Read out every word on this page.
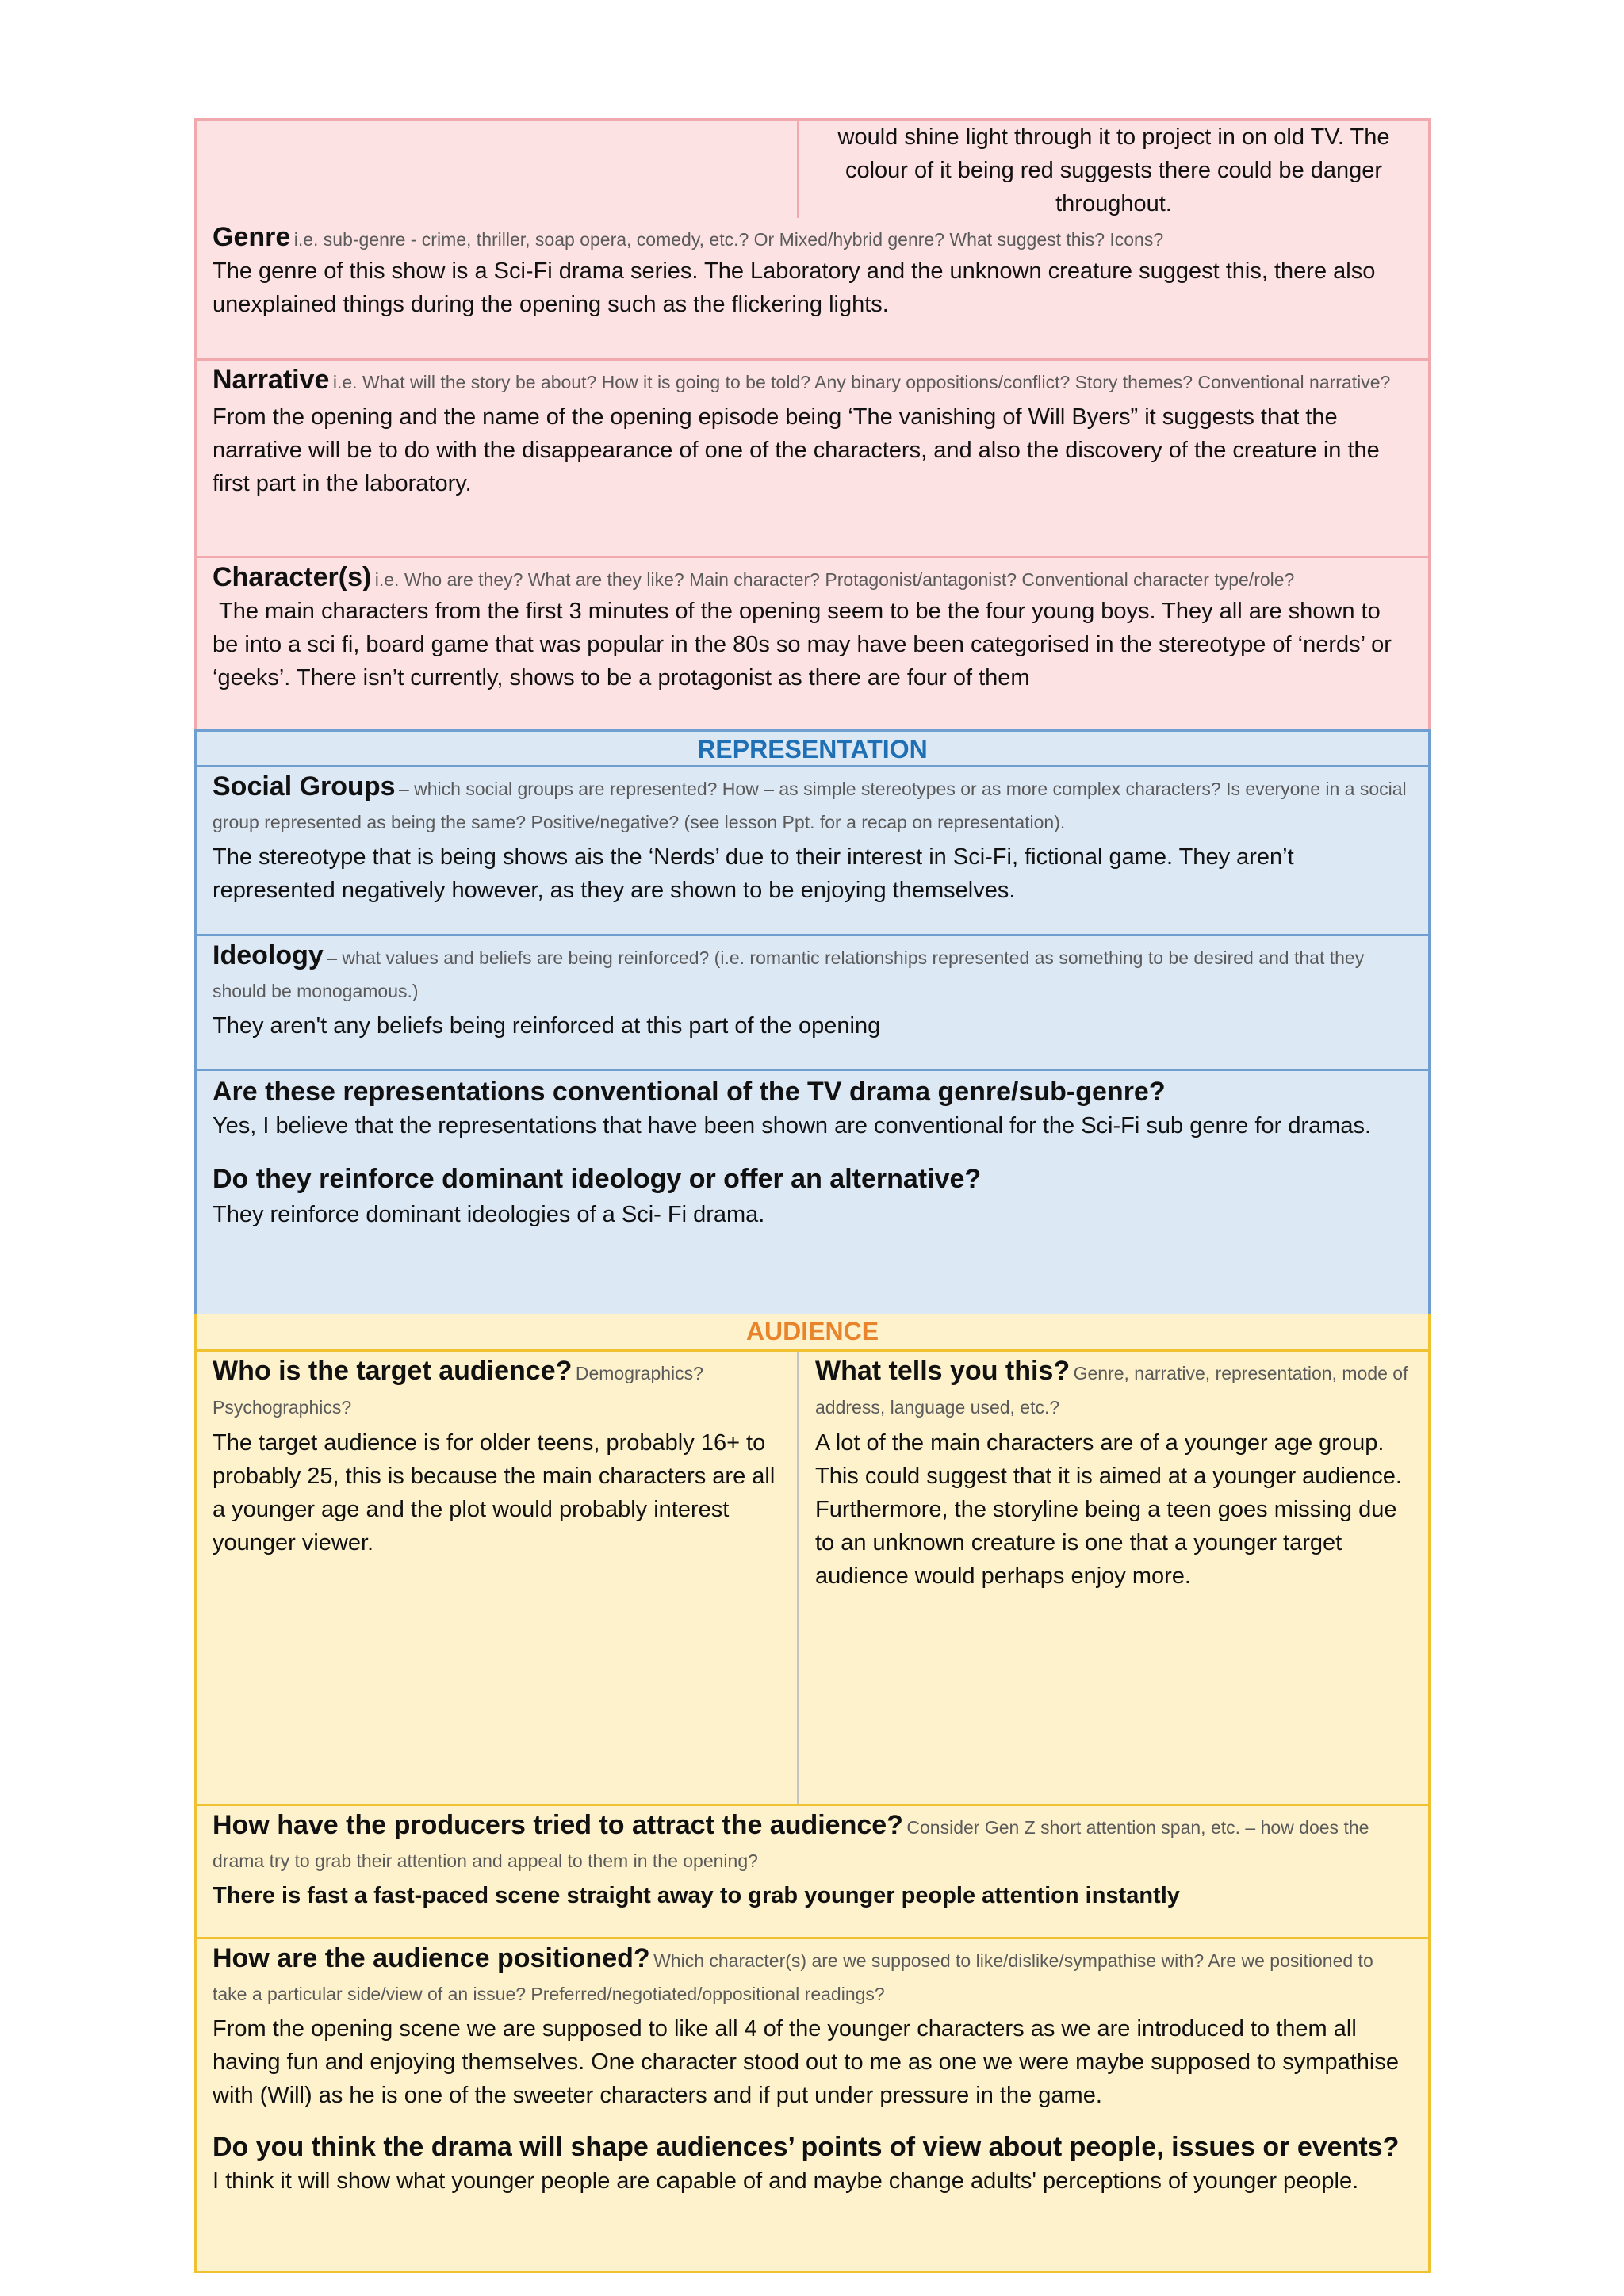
would shine light through it to project in on old TV. The colour of it being red suggests there could be danger throughout.
Genre i.e. sub-genre - crime, thriller, soap opera, comedy, etc.? Or Mixed/hybrid genre? What suggest this? Icons?
The genre of this show is a Sci-Fi drama series. The Laboratory and the unknown creature suggest this, there also unexplained things during the opening such as the flickering lights.
Narrative i.e. What will the story be about? How it is going to be told? Any binary oppositions/conflict? Story themes? Conventional narrative?
From the opening and the name of the opening episode being ‘The vanishing of Will Byers” it suggests that the narrative will be to do with the disappearance of one of the characters, and also the discovery of the creature in the first part in the laboratory.
Character(s) i.e. Who are they? What are they like? Main character? Protagonist/antagonist? Conventional character type/role?
The main characters from the first 3 minutes of the opening seem to be the four young boys. They all are shown to be into a sci fi, board game that was popular in the 80s so may have been categorised in the stereotype of ‘nerds’ or ‘geeks’. There isn’t currently, shows to be a protagonist as there are four of them
REPRESENTATION
Social Groups – which social groups are represented? How – as simple stereotypes or as more complex characters? Is everyone in a social group represented as being the same? Positive/negative? (see lesson Ppt. for a recap on representation).
The stereotype that is being shows ais the ‘Nerds’ due to their interest in Sci-Fi, fictional game. They aren’t represented negatively however, as they are shown to be enjoying themselves.
Ideology – what values and beliefs are being reinforced? (i.e. romantic relationships represented as something to be desired and that they should be monogamous.)
They aren't any beliefs being reinforced at this part of the opening
Are these representations conventional of the TV drama genre/sub-genre?
Yes, I believe that the representations that have been shown are conventional for the Sci-Fi sub genre for dramas.
Do they reinforce dominant ideology or offer an alternative?
They reinforce dominant ideologies of a Sci- Fi drama.
AUDIENCE
Who is the target audience? Demographics? Psychographics?
The target audience is for older teens, probably 16+ to probably 25, this is because the main characters are all a younger age and the plot would probably interest younger viewer.
What tells you this? Genre, narrative, representation, mode of address, language used, etc.?
A lot of the main characters are of a younger age group. This could suggest that it is aimed at a younger audience. Furthermore, the storyline being a teen goes missing due to an unknown creature is one that a younger target audience would perhaps enjoy more.
How have the producers tried to attract the audience? Consider Gen Z short attention span, etc. – how does the drama try to grab their attention and appeal to them in the opening?
There is fast a fast-paced scene straight away to grab younger people attention instantly
How are the audience positioned? Which character(s) are we supposed to like/dislike/sympathise with? Are we positioned to take a particular side/view of an issue? Preferred/negotiated/oppositional readings?
From the opening scene we are supposed to like all 4 of the younger characters as we are introduced to them all having fun and enjoying themselves. One character stood out to me as one we were maybe supposed to sympathise with (Will) as he is one of the sweeter characters and if put under pressure in the game.
Do you think the drama will shape audiences’ points of view about people, issues or events?
I think it will show what younger people are capable of and maybe change adults' perceptions of younger people.
